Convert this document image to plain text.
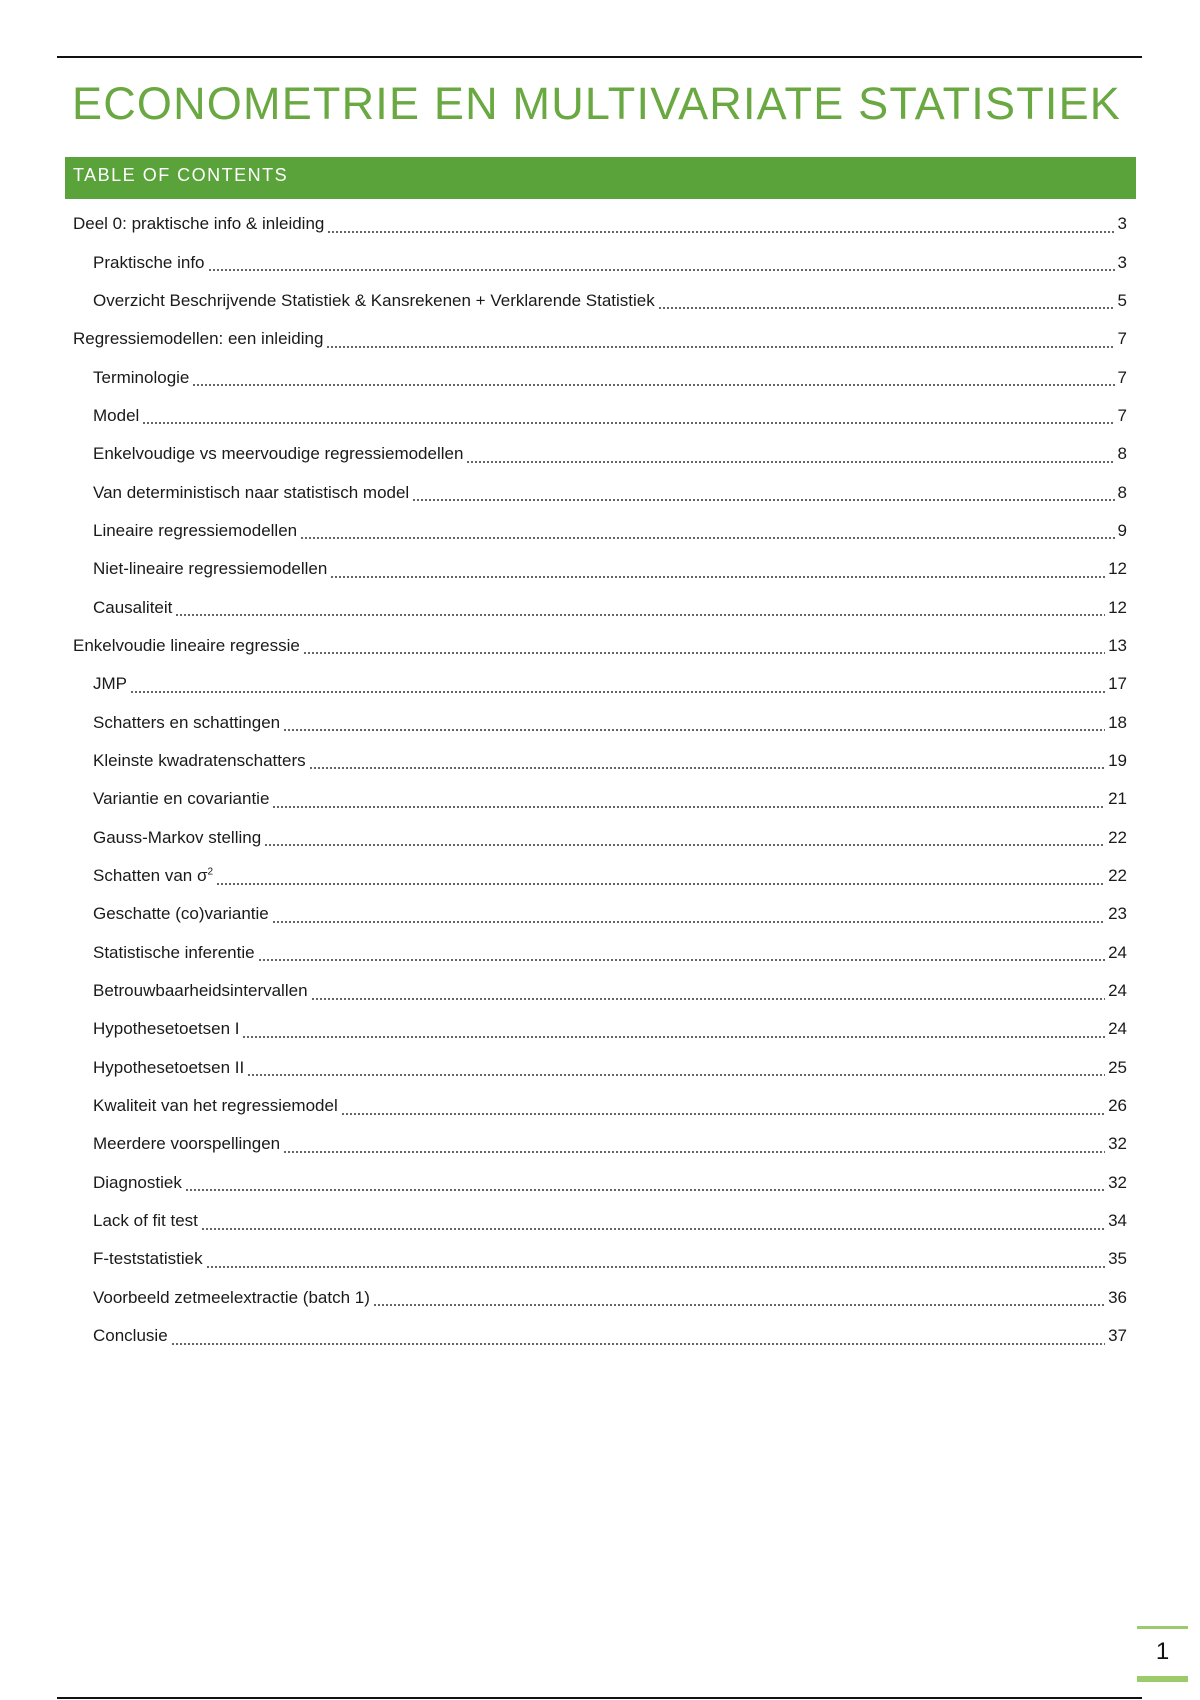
ECONOMETRIE EN MULTIVARIATE STATISTIEK
TABLE OF CONTENTS
Deel 0: praktische info & inleiding	3
Praktische info	3
Overzicht Beschrijvende Statistiek & Kansrekenen + Verklarende Statistiek	5
Regressiemodellen: een inleiding	7
Terminologie	7
Model	7
Enkelvoudige vs meervoudige regressiemodellen	8
Van deterministisch naar statistisch model	8
Lineaire regressiemodellen	9
Niet-lineaire regressiemodellen	12
Causaliteit	12
Enkelvoudie lineaire regressie	13
JMP	17
Schatters en schattingen	18
Kleinste kwadratenschatters	19
Variantie en covariantie	21
Gauss-Markov stelling	22
Schatten van $\sigma^2$	22
Geschatte (co)variantie	23
Statistische inferentie	24
Betrouwbaarheidsintervallen	24
Hypothesetoetsen I	24
Hypothesetoetsen II	25
Kwaliteit van het regressiemodel	26
Meerdere voorspellingen	32
Diagnostiek	32
Lack of fit test	34
F-teststatistiek	35
Voorbeeld zetmeelextractie (batch 1)	36
Conclusie	37
1
